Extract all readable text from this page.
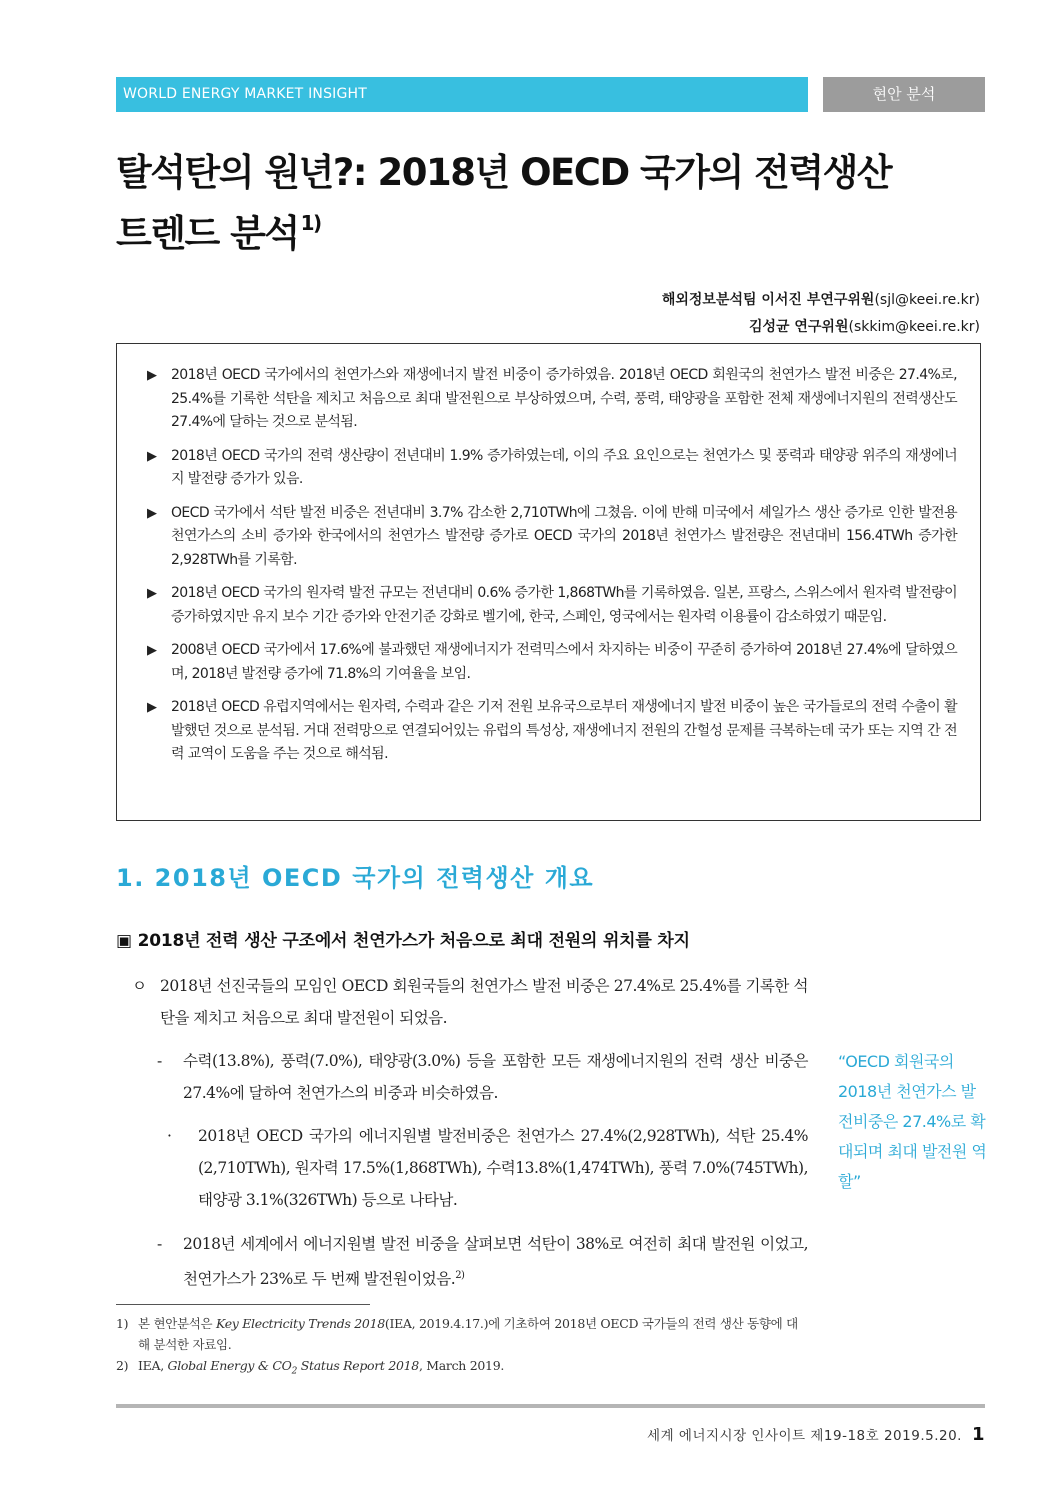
WORLD ENERGY MARKET INSIGHT	현안 분석
탈석탄의 원년?: 2018년 OECD 국가의 전력생산
트렌드 분석 $^{1)}$
해외정보분석팀 이서진 부연구위원(sjl@keei.re.kr)
김성균 연구위원(skkim@keei.re.kr)
▶ 2018년 OECD 국가에서의 천연가스와 재생에너지 발전 비중이 증가하였음. 2018년 OECD 회원국의 천연가스 발전 비중은 27.4%로, 25.4%를 기록한 석탄을 제치고 처음으로 최대 발전원으로 부상하였으며, 수력, 풍력, 태양광을 포함한 전체 재생에너지원의 전력생산도 27.4%에 달하는 것으로 분석됨.
▶ 2018년 OECD 국가의 전력 생산량이 전년대비 1.9% 증가하였는데, 이의 주요 요인으로는 천연가스 및 풍력과 태양광 위주의 재생에너지 발전량 증가가 있음.
▶ OECD 국가에서 석탄 발전 비중은 전년대비 3.7% 감소한 2,710TWh에 그쳤음. 이에 반해 미국에서 셰일가스 생산 증가로 인한 발전용 천연가스의 소비 증가와 한국에서의 천연가스 발전량 증가로 OECD 국가의 2018년 천연가스 발전량은 전년대비 156.4TWh 증가한 2,928TWh를 기록함.
▶ 2018년 OECD 국가의 원자력 발전 규모는 전년대비 0.6% 증가한 1,868TWh를 기록하였음. 일본, 프랑스, 스위스에서 원자력 발전량이 증가하였지만 유지 보수 기간 증가와 안전기준 강화로 벨기에, 한국, 스페인, 영국에서는 원자력 이용률이 감소하였기 때문임.
▶ 2008년 OECD 국가에서 17.6%에 불과했던 재생에너지가 전력믹스에서 차지하는 비중이 꾸준히 증가하여 2018년 27.4%에 달하였으며, 2018년 발전량 증가에 71.8%의 기여율을 보임.
▶ 2018년 OECD 유럽지역에서는 원자력, 수력과 같은 기저 전원 보유국으로부터 재생에너지 발전 비중이 높은 국가들로의 전력 수출이 활발했던 것으로 분석됨. 거대 전력망으로 연결되어있는 유럽의 특성상, 재생에너지 전원의 간헐성 문제를 극복하는데 국가 또는 지역 간 전력 교역이 도움을 주는 것으로 해석됨.
1. 2018년 OECD 국가의 전력생산 개요
▣ 2018년 전력 생산 구조에서 천연가스가 처음으로 최대 전원의 위치를 차지
ㅇ 2018년 선진국들의 모임인 OECD 회원국들의 천연가스 발전 비중은 27.4%로 25.4%를 기록한 석탄을 제치고 처음으로 최대 발전원이 되었음.
- 수력(13.8%), 풍력(7.0%), 태양광(3.0%) 등을 포함한 모든 재생에너지원의 전력 생산 비중은 27.4%에 달하여 천연가스의 비중과 비슷하였음.
· 2018년 OECD 국가의 에너지원별 발전비중은 천연가스 27.4%(2,928TWh), 석탄 25.4%(2,710TWh), 원자력 17.5%(1,868TWh), 수력13.8%(1,474TWh), 풍력 7.0%(745TWh), 태양광 3.1%(326TWh) 등으로 나타남.
- 2018년 세계에서 에너지원별 발전 비중을 살펴보면 석탄이 38%로 여전히 최대 발전원 이었고, 천연가스가 23%로 두 번째 발전원이었음.$^{2)}$
“OECD 회원국의 2018년 천연가스 발전비중은 27.4%로 확대되며 최대 발전원 역할”
1) 본 현안분석은 Key Electricity Trends 2018(IEA, 2019.4.17.)에 기초하여 2018년 OECD 국가들의 전력 생산 동향에 대해 분석한 자료임.
2) IEA, Global Energy & $CO_2$ Status Report 2018, March 2019.
세계 에너지시장 인사이트 제19-18호 2019.5.20. 1
